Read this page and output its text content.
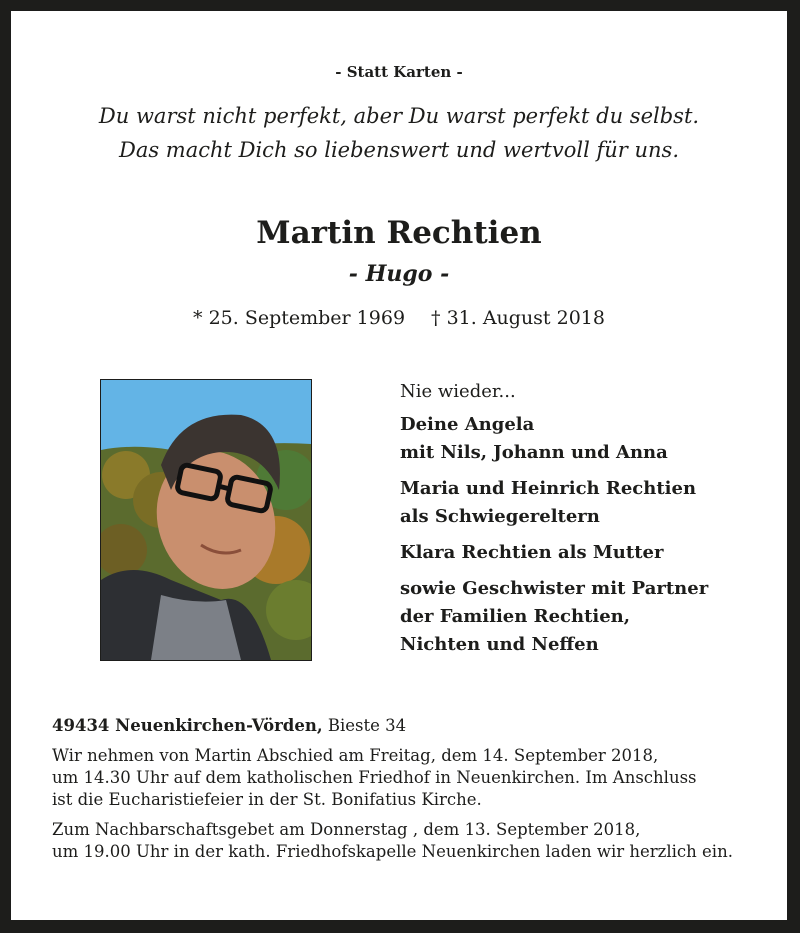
- Statt Karten -
Du warst nicht perfekt, aber Du warst perfekt du selbst.
Das macht Dich so liebenswert und wertvoll für uns.
Martin Rechtien
- Hugo -
* 25. September 1969 † 31. August 2018
Nie wieder...
Deine Angela
mit Nils, Johann und Anna
Maria und Heinrich Rechtien
als Schwiegereltern
Klara Rechtien als Mutter
sowie Geschwister mit Partner
der Familien Rechtien,
Nichten und Neffen
49434 Neuenkirchen-Vörden, Bieste 34
Wir nehmen von Martin Abschied am Freitag, dem 14. September 2018,
um 14.30 Uhr auf dem katholischen Friedhof in Neuenkirchen. Im Anschluss
ist die Eucharistiefeier in der St. Bonifatius Kirche.
Zum Nachbarschaftsgebet am Donnerstag , dem 13. September 2018,
um 19.00 Uhr in der kath. Friedhofskapelle Neuenkirchen laden wir herzlich ein.
